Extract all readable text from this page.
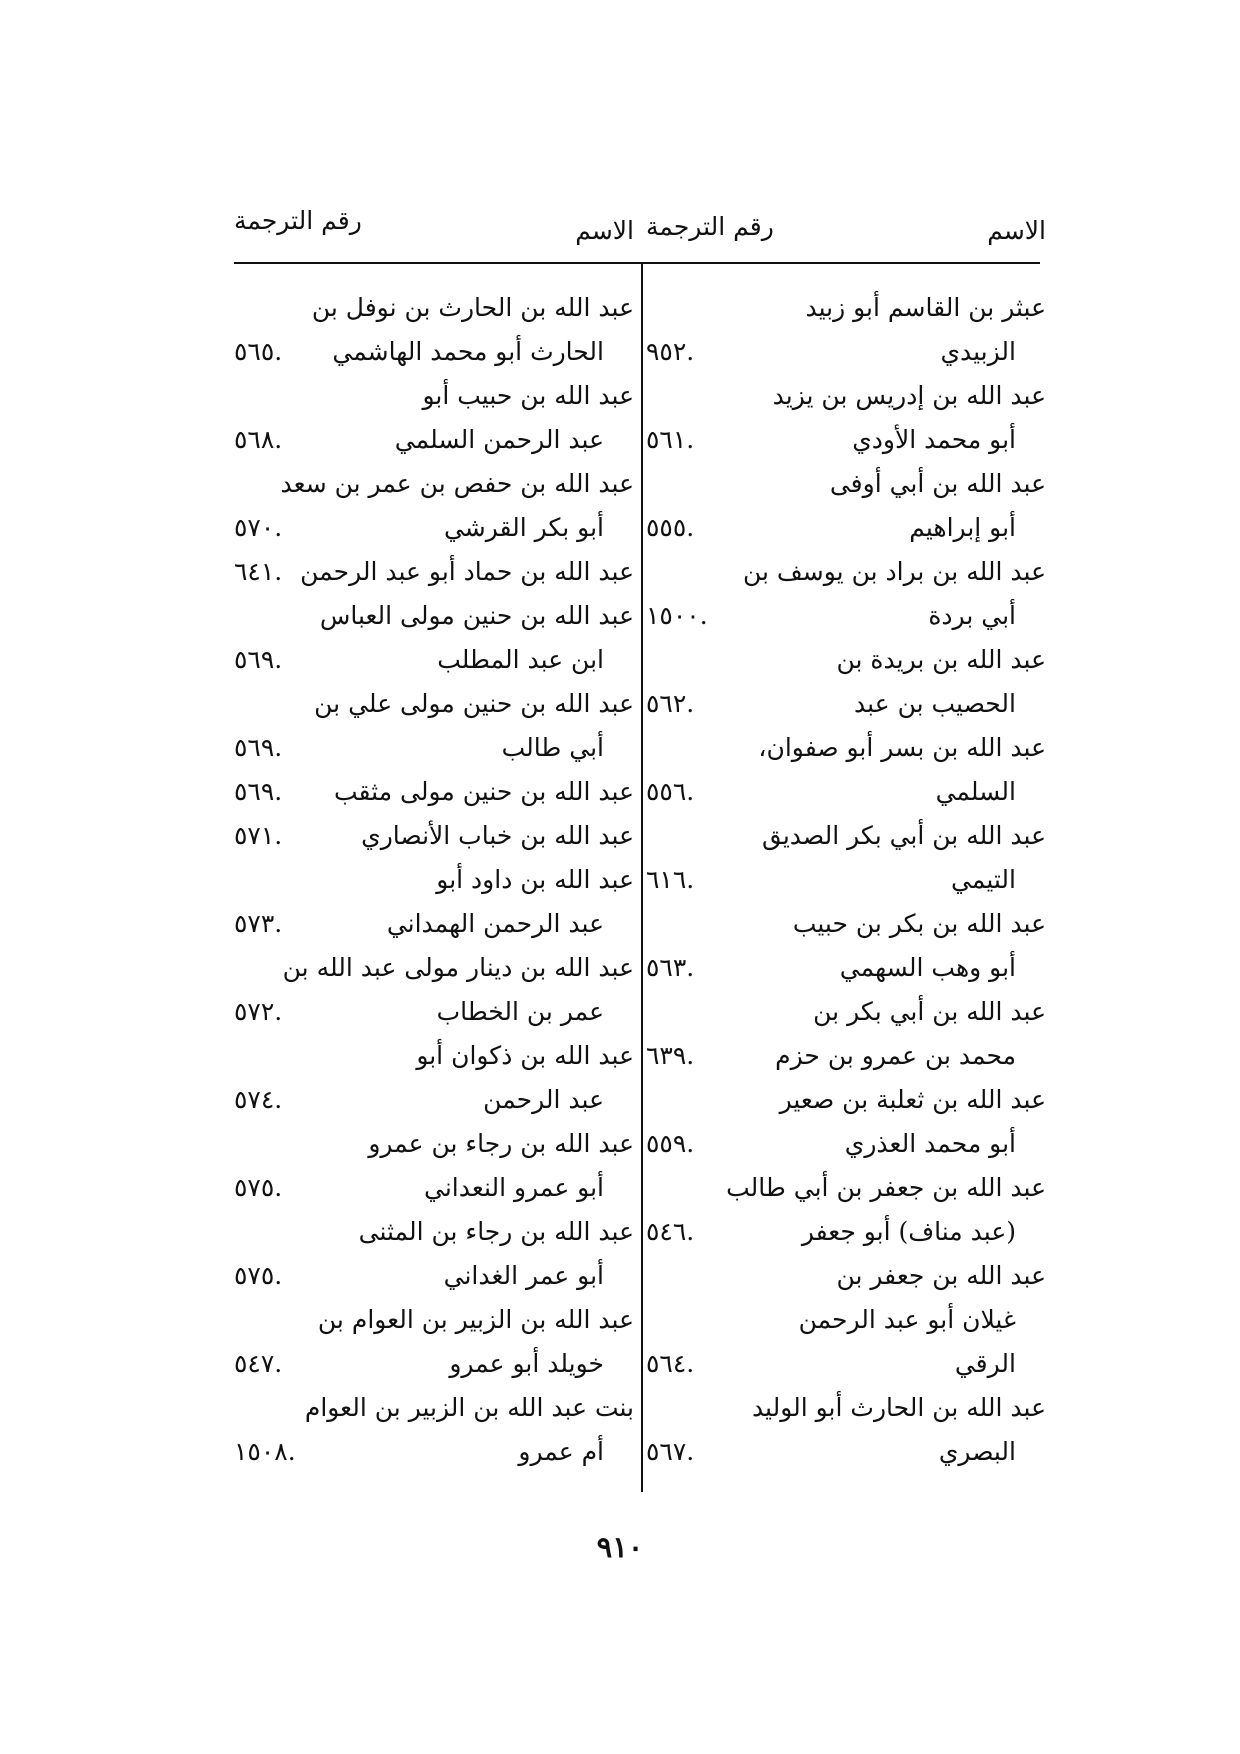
الاسم
رقم الترجمة
عبثر بن القاسم أبو زبيد
الزبيدي
٩٥٢.
عبد الله بن إدريس بن يزيد
أبو محمد الأودي
٥٦١.
عبد الله بن أبي أوفى
أبو إبراهيم
٥٥٥.
عبد الله بن براد بن يوسف بن
أبي بردة
١٥٠٠.
عبد الله بن بريدة بن
الحصيب بن عبد
٥٦٢.
عبد الله بن بسر أبو صفوان،
السلمي
٥٥٦.
عبد الله بن أبي بكر الصديق
التيمي
٦١٦.
عبد الله بن بكر بن حبيب
أبو وهب السهمي
٥٦٣.
عبد الله بن أبي بكر بن
محمد بن عمرو بن حزم
٦٣٩.
عبد الله بن ثعلبة بن صعير
أبو محمد العذري
٥٥٩.
عبد الله بن جعفر بن أبي طالب
(عبد مناف) أبو جعفر
٥٤٦.
عبد الله بن جعفر بن
غيلان أبو عبد الرحمن
الرقي
٥٦٤.
عبد الله بن الحارث أبو الوليد
البصري
٥٦٧.
الاسم
رقم الترجمة
عبد الله بن الحارث بن نوفل بن
الحارث أبو محمد الهاشمي
٥٦٥.
عبد الله بن حبيب أبو
عبد الرحمن السلمي
٥٦٨.
عبد الله بن حفص بن عمر بن سعد
أبو بكر القرشي
٥٧٠.
عبد الله بن حماد أبو عبد الرحمن
٦٤١.
عبد الله بن حنين مولى العباس
ابن عبد المطلب
٥٦٩.
عبد الله بن حنين مولى علي بن
أبي طالب
٥٦٩.
عبد الله بن حنين مولى مثقب
٥٦٩.
عبد الله بن خباب الأنصاري
٥٧١.
عبد الله بن داود أبو
عبد الرحمن الهمداني
٥٧٣.
عبد الله بن دينار مولى عبد الله بن
عمر بن الخطاب
٥٧٢.
عبد الله بن ذكوان أبو
عبد الرحمن
٥٧٤.
عبد الله بن رجاء بن عمرو
أبو عمرو النعداني
٥٧٥.
عبد الله بن رجاء بن المثنى
أبو عمر الغداني
٥٧٥.
عبد الله بن الزبير بن العوام بن
خويلد أبو عمرو
٥٤٧.
بنت عبد الله بن الزبير بن العوام
أم عمرو
١٥٠٨.
٩١٠
